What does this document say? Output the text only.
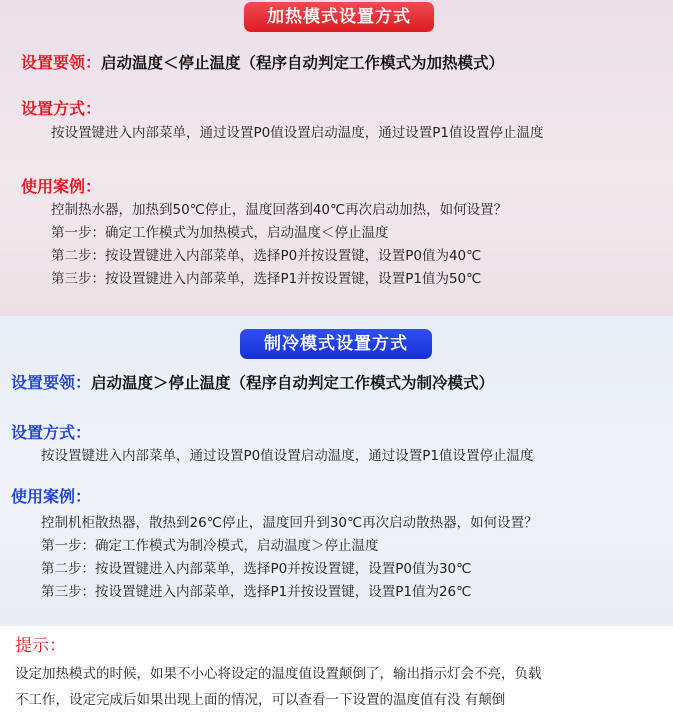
加热模式设置方式
设置要领：启动温度＜停止温度（程序自动判定工作模式为加热模式）
设置方式：
按设置键进入内部菜单，通过设置P0值设置启动温度，通过设置P1值设置停止温度
使用案例：
控制热水器，加热到50℃停止，温度回落到40℃再次启动加热，如何设置？
第一步：确定工作模式为加热模式，启动温度＜停止温度
第二步：按设置键进入内部菜单，选择P0并按设置键，设置P0值为40℃
第三步：按设置键进入内部菜单，选择P1并按设置键，设置P1值为50℃
制冷模式设置方式
设置要领：启动温度＞停止温度（程序自动判定工作模式为制冷模式）
设置方式：
按设置键进入内部菜单，通过设置P0值设置启动温度，通过设置P1值设置停止温度
使用案例：
控制机柜散热器，散热到26℃停止，温度回升到30℃再次启动散热器，如何设置？
第一步：确定工作模式为制冷模式，启动温度＞停止温度
第二步：按设置键进入内部菜单，选择P0并按设置键，设置P0值为30℃
第三步：按设置键进入内部菜单，选择P1并按设置键，设置P1值为26℃
提示：
设定加热模式的时候，如果不小心将设定的温度值设置颠倒了，输出指示灯会不亮，负载
不工作，设定完成后如果出现上面的情况，可以查看一下设置的温度值有没 有颠倒
